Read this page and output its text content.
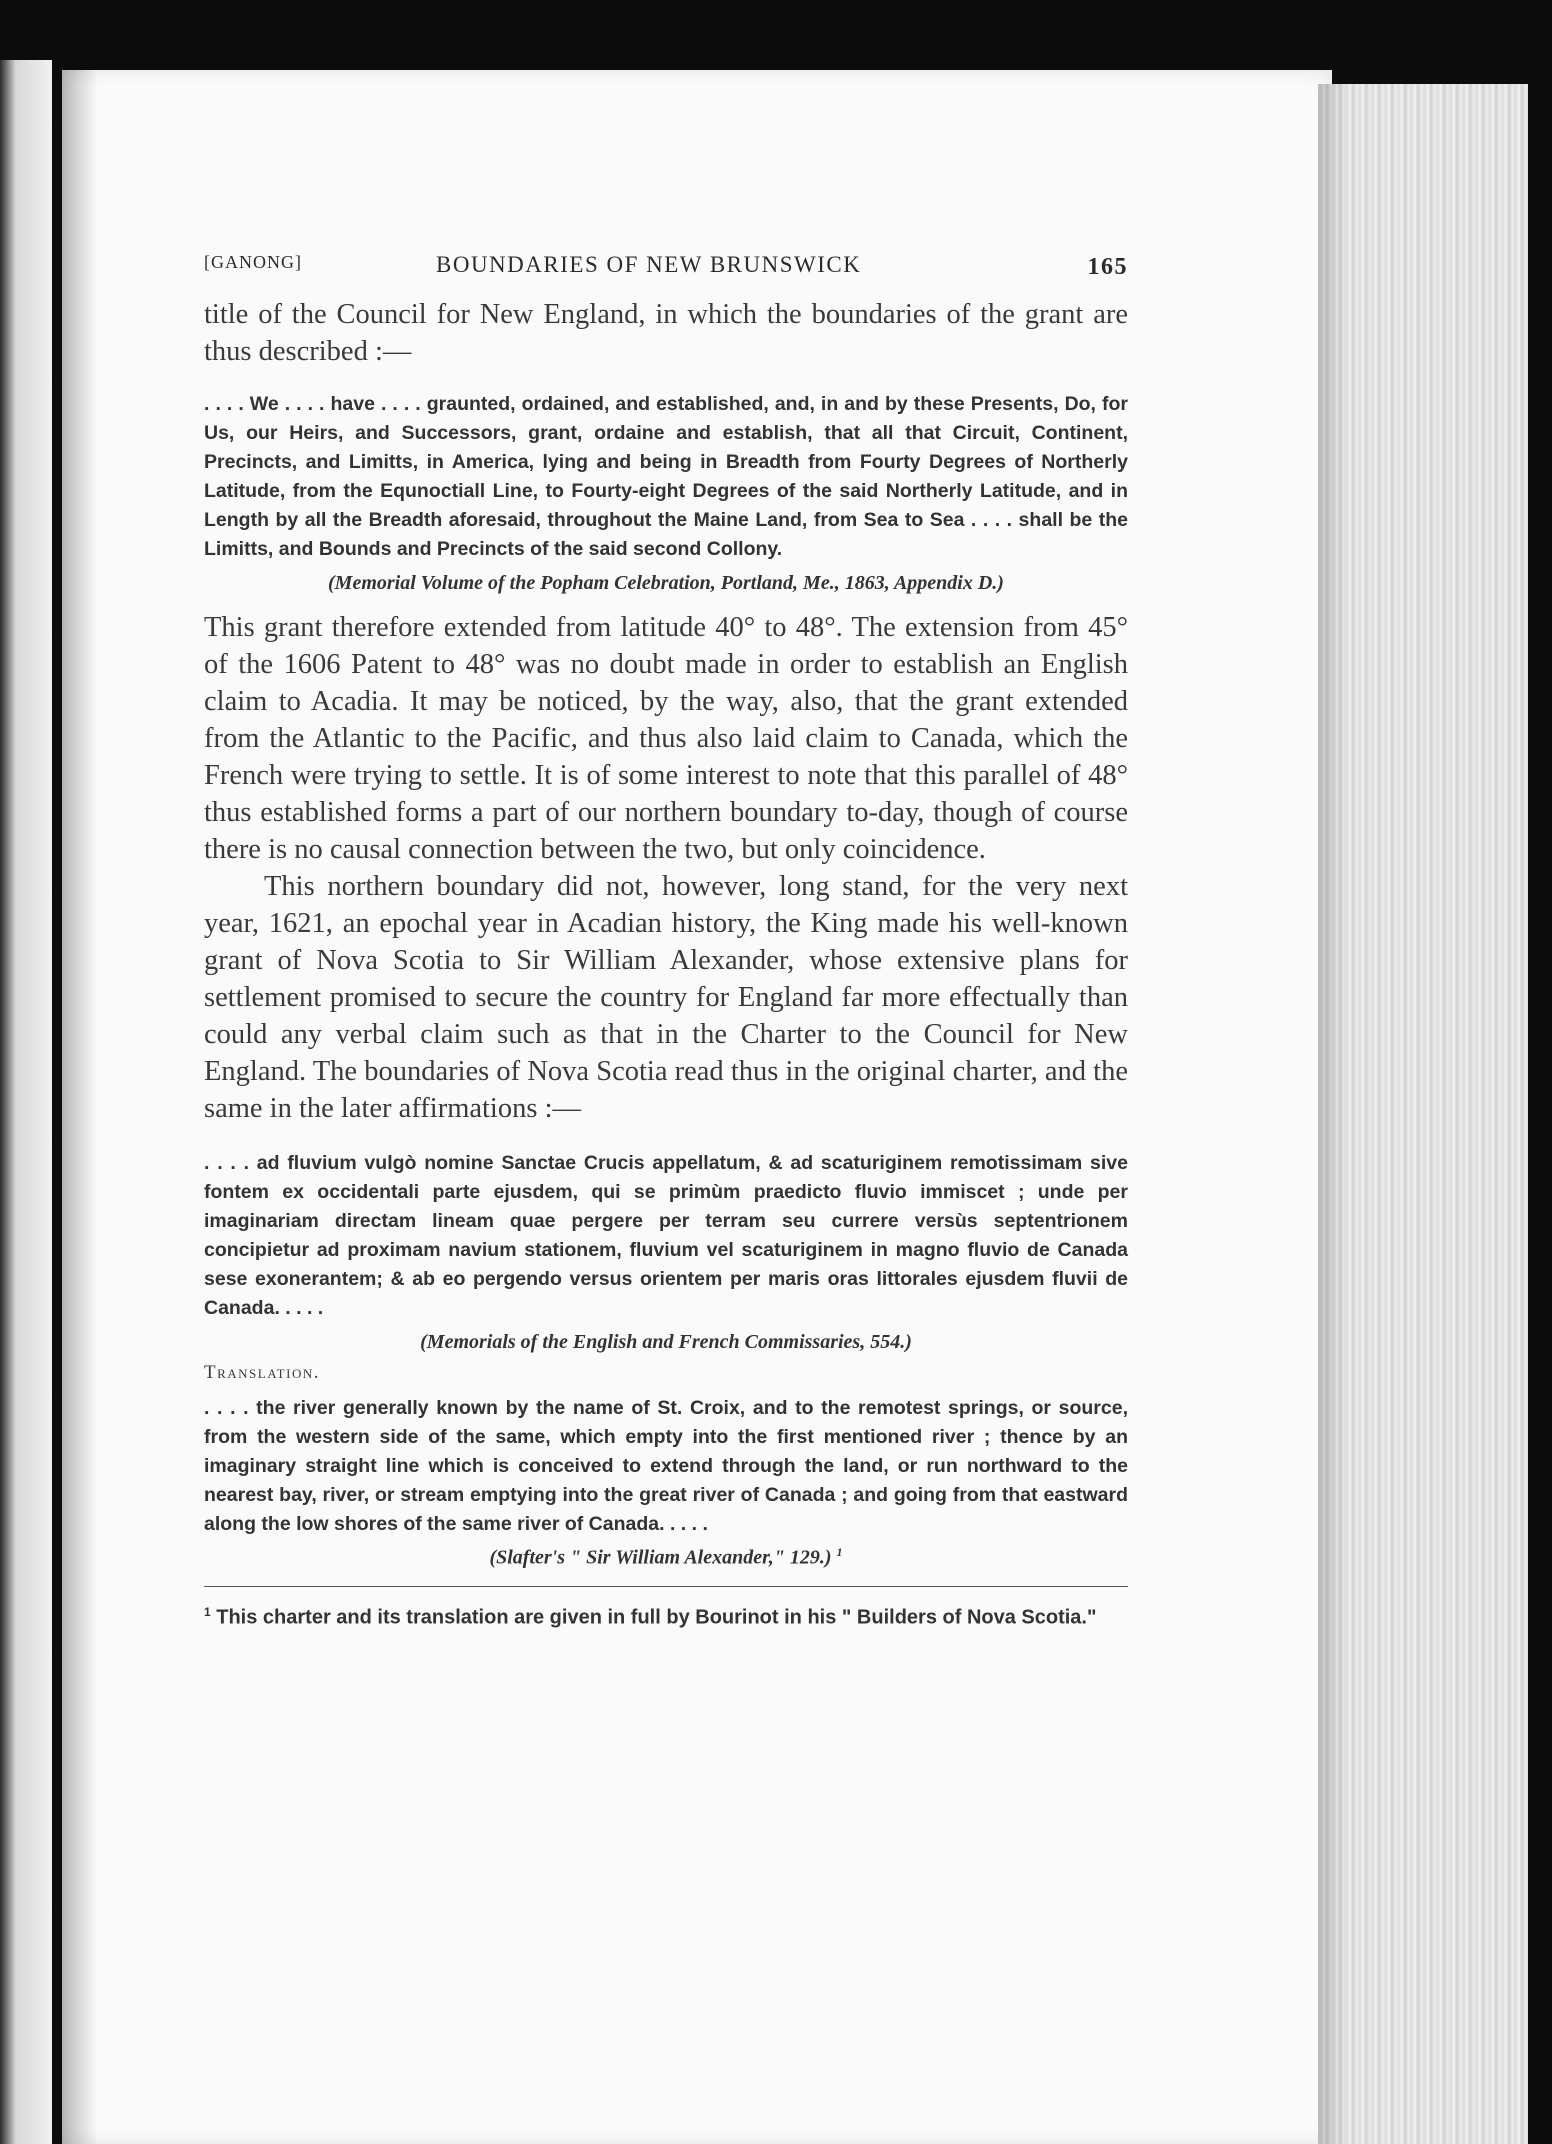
[GANONG]	BOUNDARIES OF NEW BRUNSWICK	165

title of the Council for New England, in which the boundaries of the grant are thus described :—

. . . . We . . . . have . . . . graunted, ordained, and established, and, in and by these Presents, Do, for Us, our Heirs, and Successors, grant, ordaine and establish, that all that Circuit, Continent, Precincts, and Limitts, in America, lying and being in Breadth from Fourty Degrees of Northerly Latitude, from the Equnoctiall Line, to Fourty-eight Degrees of the said Northerly Latitude, and in Length by all the Breadth aforesaid, throughout the Maine Land, from Sea to Sea . . . . shall be the Limitts, and Bounds and Precincts of the said second Collony.

(Memorial Volume of the Popham Celebration, Portland, Me., 1863, Appendix D.)

This grant therefore extended from latitude 40° to 48°. The extension from 45° of the 1606 Patent to 48° was no doubt made in order to establish an English claim to Acadia. It may be noticed, by the way, also, that the grant extended from the Atlantic to the Pacific, and thus also laid claim to Canada, which the French were trying to settle. It is of some interest to note that this parallel of 48° thus established forms a part of our northern boundary to-day, though of course there is no causal connection between the two, but only coincidence.

This northern boundary did not, however, long stand, for the very next year, 1621, an epochal year in Acadian history, the King made his well-known grant of Nova Scotia to Sir William Alexander, whose extensive plans for settlement promised to secure the country for England far more effectually than could any verbal claim such as that in the Charter to the Council for New England. The boundaries of Nova Scotia read thus in the original charter, and the same in the later affirmations :—

. . . . ad fluvium vulgò nomine Sanctae Crucis appellatum, & ad scaturiginem remotissimam sive fontem ex occidentali parte ejusdem, qui se primùm praedicto fluvio immiscet ; unde per imaginariam directam lineam quae pergere per terram seu currere versùs septentrionem concipietur ad proximam navium stationem, fluvium vel scaturiginem in magno fluvio de Canada sese exonerantem; & ab eo pergendo versus orientem per maris oras littorales ejusdem fluvii de Canada. . . . .

(Memorials of the English and French Commissaries, 554.)

Translation.

. . . . the river generally known by the name of St. Croix, and to the remotest springs, or source, from the western side of the same, which empty into the first mentioned river ; thence by an imaginary straight line which is conceived to extend through the land, or run northward to the nearest bay, river, or stream emptying into the great river of Canada ; and going from that eastward along the low shores of the same river of Canada. . . . .

(Slafter's " Sir William Alexander," 129.) $^1$

$^1$ This charter and its translation are given in full by Bourinot in his " Builders of Nova Scotia."
